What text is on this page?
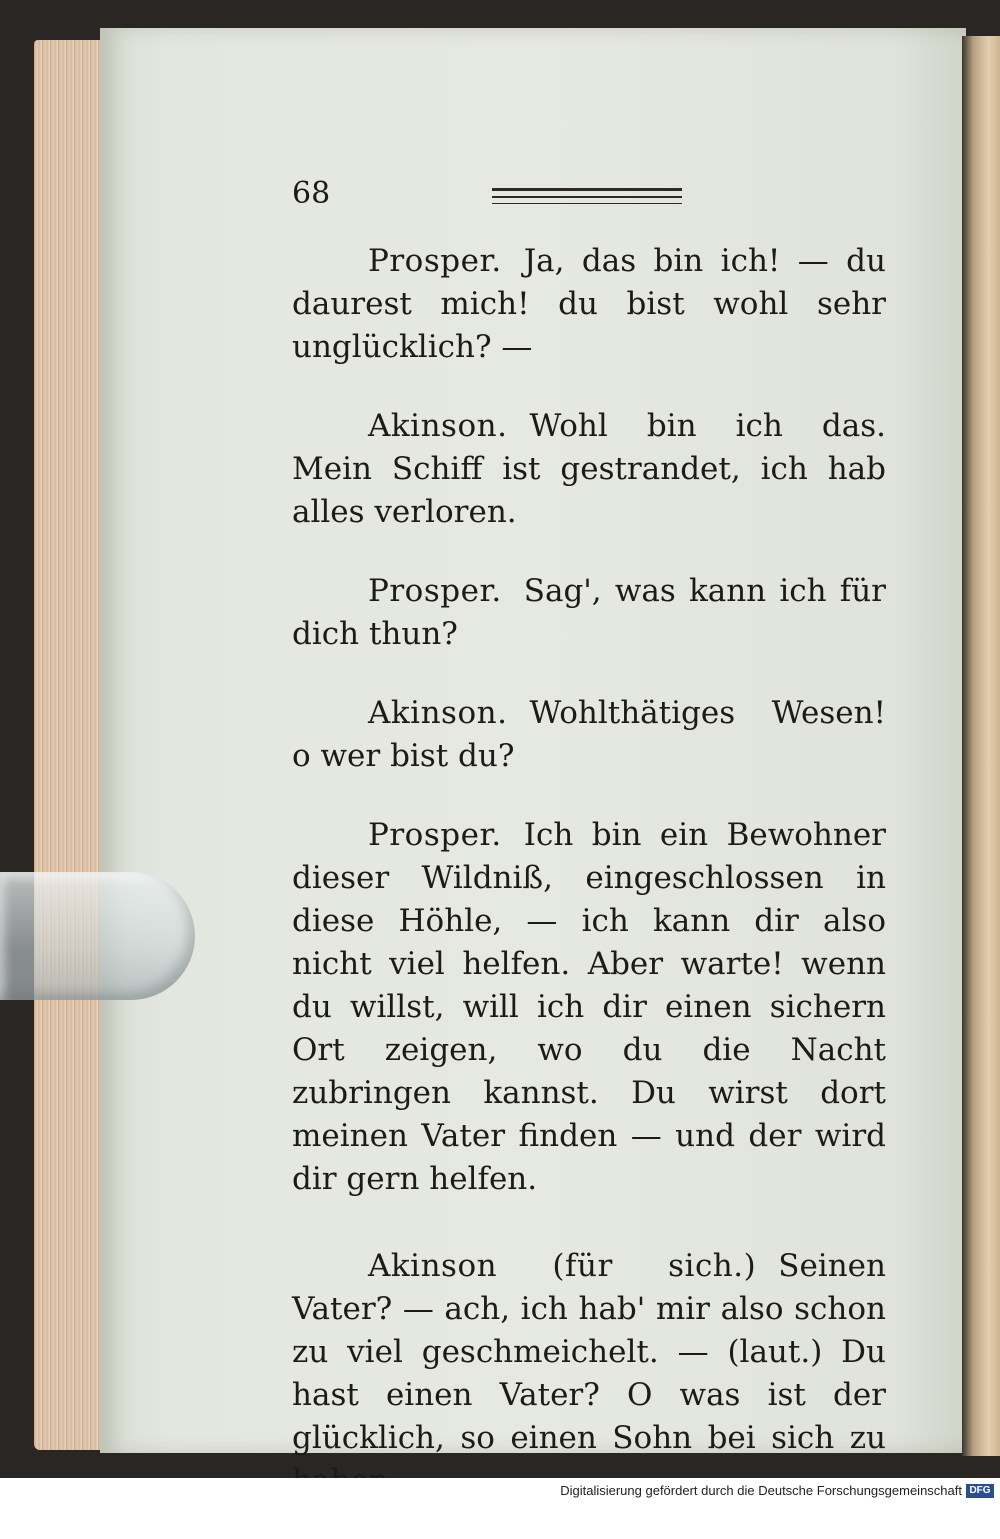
68

Prosper. Ja, das bin ich! — du daurest mich! du bist wohl sehr unglücklich? —

Akinson. Wohl bin ich das. Mein Schiff ist gestrandet, ich hab alles verloren.

Prosper. Sag', was kann ich für dich thun?

Akinson. Wohlthätiges Wesen! o wer bist du?

Prosper. Ich bin ein Bewohner dieser Wildniß, eingeschlossen in diese Höhle, — ich kann dir also nicht viel helfen. Aber warte! wenn du willst, will ich dir einen sichern Ort zeigen, wo du die Nacht zubringen kannst. Du wirst dort meinen Vater finden — und der wird dir gern helfen.

Akinson (für sich.) Seinen Vater? — ach, ich hab' mir also schon zu viel geschmeichelt. — (laut.) Du hast einen Vater? O was ist der glücklich, so einen Sohn bei sich zu

Digitalisierung gefördert durch die Deutsche Forschungsgemeinschaft DFG
